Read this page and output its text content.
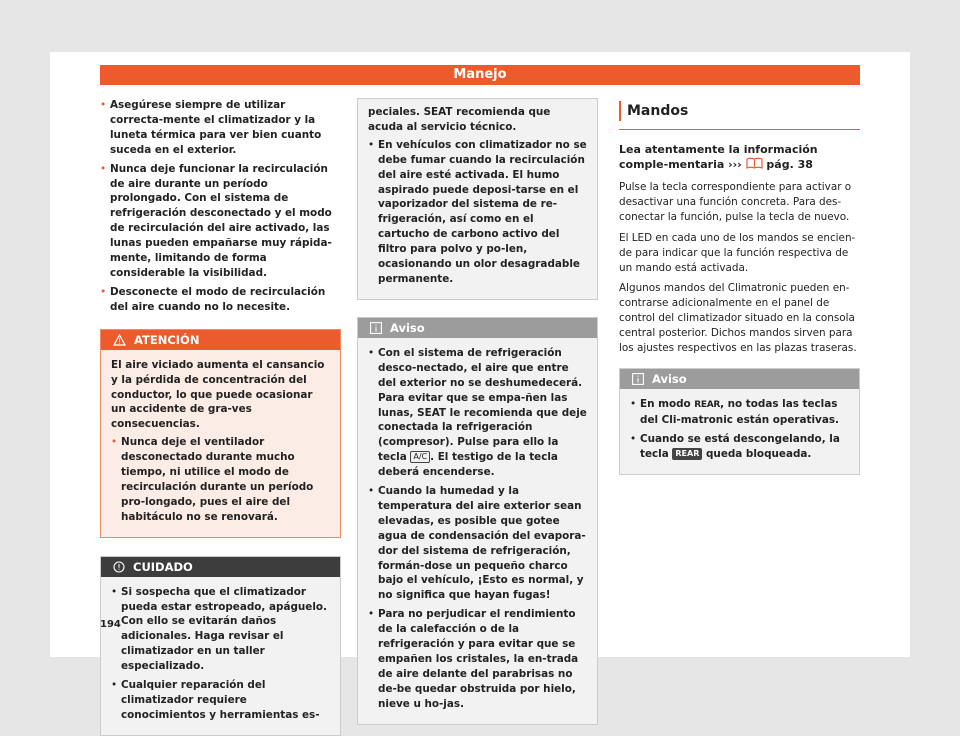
Manejo
• Asegúrese siempre de utilizar correcta-mente el climatizador y la luneta térmica para ver bien cuanto suceda en el exterior.
• Nunca deje funcionar la recirculación de aire durante un período prolongado. Con el sistema de refrigeración desconectado y el modo de recirculación del aire activado, las lunas pueden empañarse muy rápida-mente, limitando de forma considerable la visibilidad.
• Desconecte el modo de recirculación del aire cuando no lo necesite.
ATENCIÓN

El aire viciado aumenta el cansancio y la pérdida de concentración del conductor, lo que puede ocasionar un accidente de gra-ves consecuencias.

• Nunca deje el ventilador desconectado durante mucho tiempo, ni utilice el modo de recirculación durante un período pro-longado, pues el aire del habitáculo no se renovará.
CUIDADO
• Si sospecha que el climatizador pueda estar estropeado, apáguelo. Con ello se evitarán daños adicionales. Haga revisar el climatizador en un taller especializado.
• Cualquier reparación del climatizador requiere conocimientos y herramientas es-

peciales. SEAT recomienda que acuda al servicio técnico.

• En vehículos con climatizador no se debe fumar cuando la recirculación del aire esté activada. El humo aspirado puede deposi-tarse en el vaporizador del sistema de re-frigeración, así como en el cartucho de carbono activo del filtro para polvo y po-len, ocasionando un olor desagradable permanente.
Aviso
• Con el sistema de refrigeración desco-nectado, el aire que entre del exterior no se deshumedecerá. Para evitar que se empa-ñen las lunas, SEAT le recomienda que deje conectada la refrigeración (compresor). Pulse para ello la tecla A/C . El testigo de la tecla deberá encenderse.
• Cuando la humedad y la temperatura del aire exterior sean elevadas, es posible que gotee agua de condensación del evapora-dor del sistema de refrigeración, formán-dose un pequeño charco bajo el vehículo, ¡Esto es normal, y no significa que hayan fugas!
• Para no perjudicar el rendimiento de la calefacción o de la refrigeración y para evitar que se empañen los cristales, la en-trada de aire delante del parabrisas no de-be quedar obstruida por hielo, nieve u ho-jas.
Mandos

Lea atentamente la información comple-mentaria ››› pág. 38

Pulse la tecla correspondiente para activar o desactivar una función concreta. Para des-conectar la función, pulse la tecla de nuevo.

El LED en cada uno de los mandos se encien-de para indicar que la función respectiva de un mando está activada.

Algunos mandos del Climatronic pueden en-contrarse adicionalmente en el panel de control del climatizador situado en la consola central posterior. Dichos mandos sirven para los ajustes respectivos en las plazas traseras.

Aviso
• En modo REAR, no todas las teclas del Cli-matronic están operativas.
• Cuando se está descongelando, la tecla REAR queda bloqueada.
194
